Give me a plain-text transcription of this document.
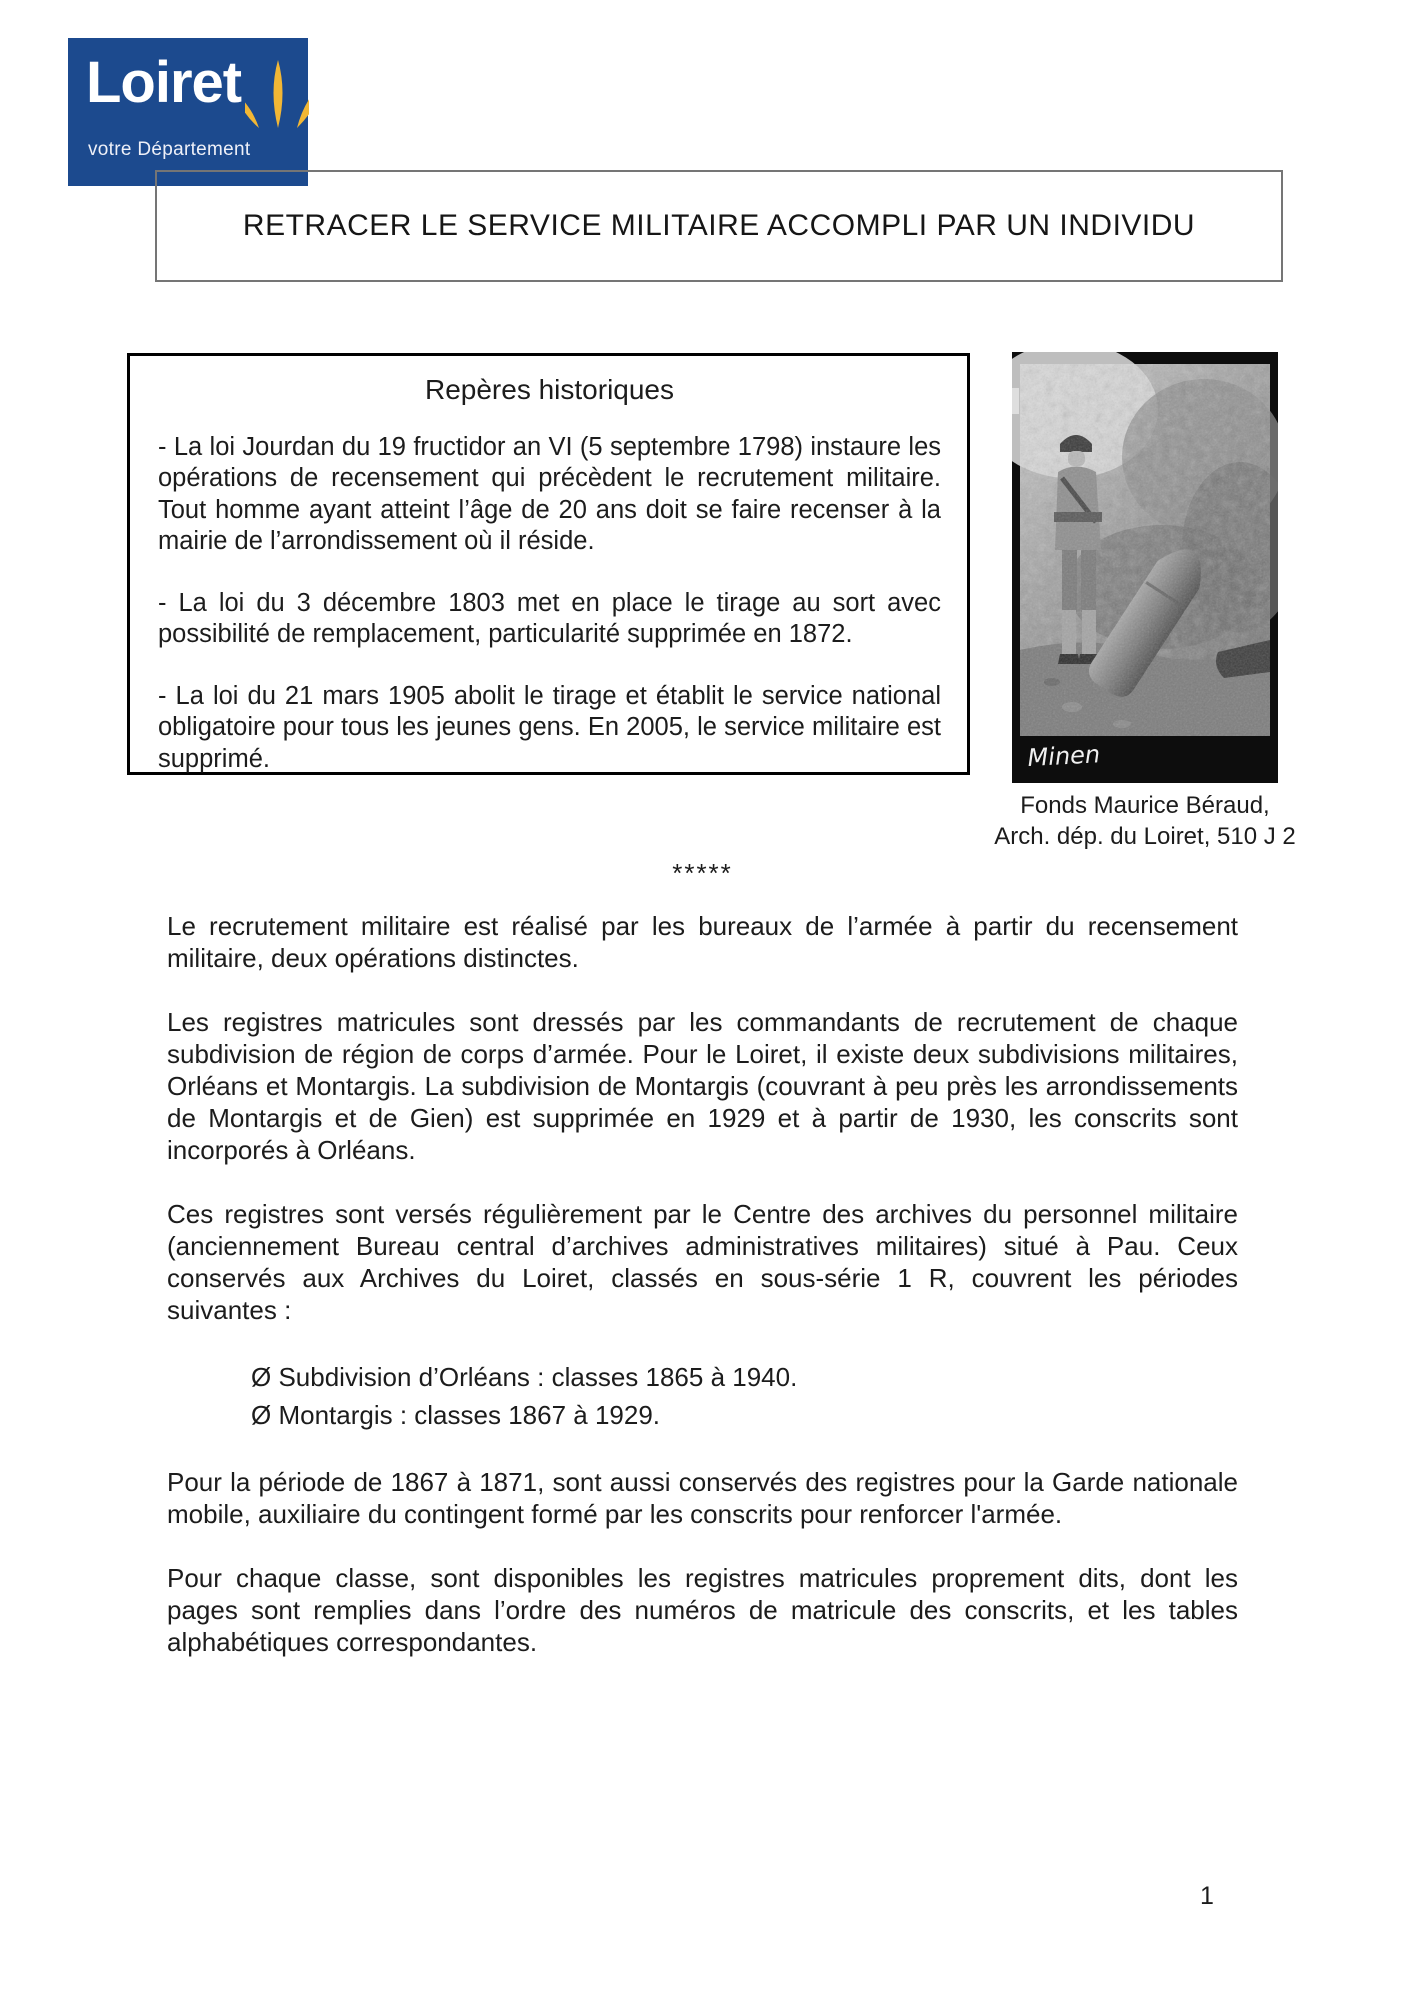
Loiret
votre Département
RETRACER LE SERVICE MILITAIRE ACCOMPLI PAR UN INDIVIDU
Repères historiques

- La loi Jourdan du 19 fructidor an VI (5 septembre 1798) instaure les opérations de recensement qui précèdent le recrutement militaire. Tout homme ayant atteint l’âge de 20 ans doit se faire recenser à la mairie de l’arrondissement où il réside.

- La loi du 3 décembre 1803 met en place le tirage au sort avec possibilité de remplacement, particularité supprimée en 1872.

- La loi du 21 mars 1905 abolit le tirage et établit le service national obligatoire pour tous les jeunes gens. En 2005, le service militaire est supprimé.	Minen
Fonds Maurice Béraud,
Arch. dép. du Loiret, 510 J 2
*****

Le recrutement militaire est réalisé par les bureaux de l’armée à partir du recensement militaire, deux opérations distinctes.

Les registres matricules sont dressés par les commandants de recrutement de chaque subdivision de région de corps d’armée. Pour le Loiret, il existe deux subdivisions militaires, Orléans et Montargis. La subdivision de Montargis (couvrant à peu près les arrondissements de Montargis et de Gien) est supprimée en 1929 et à partir de 1930, les conscrits sont incorporés à Orléans.

Ces registres sont versés régulièrement par le Centre des archives du personnel militaire (anciennement Bureau central d’archives administratives militaires) situé à Pau. Ceux conservés aux Archives du Loiret, classés en sous-série 1 R, couvrent les périodes suivantes :

Ø Subdivision d’Orléans : classes 1865 à 1940.
Ø Montargis : classes 1867 à 1929.

Pour la période de 1867 à 1871, sont aussi conservés des registres pour la Garde nationale mobile, auxiliaire du contingent formé par les conscrits pour renforcer l'armée.

Pour chaque classe, sont disponibles les registres matricules proprement dits, dont les pages sont remplies dans l’ordre des numéros de matricule des conscrits, et les tables alphabétiques correspondantes.

1
